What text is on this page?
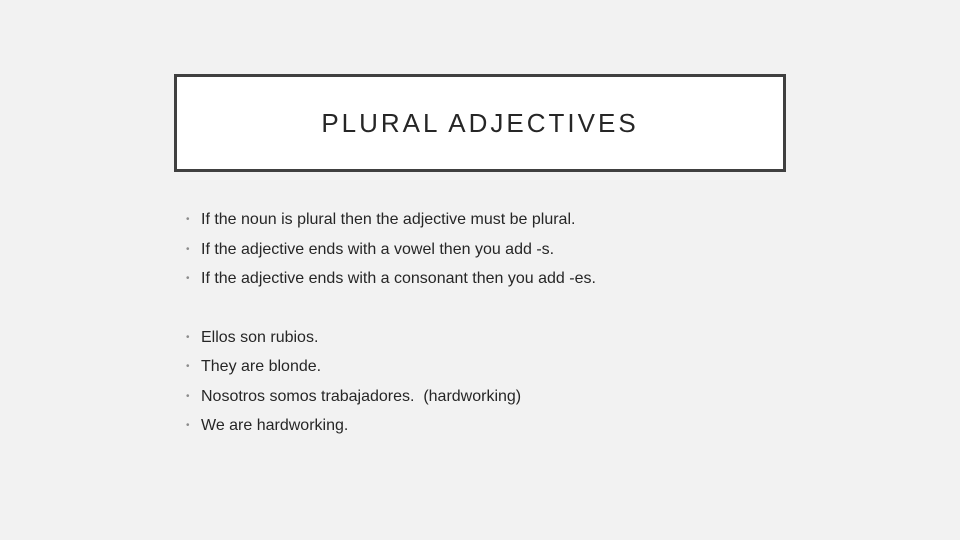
PLURAL ADJECTIVES
• If the noun is plural then the adjective must be plural.
• If the adjective ends with a vowel then you add -s.
• If the adjective ends with a consonant then you add -es.
• Ellos son rubios.
• They are blonde.
• Nosotros somos trabajadores.  (hardworking)
• We are hardworking.
